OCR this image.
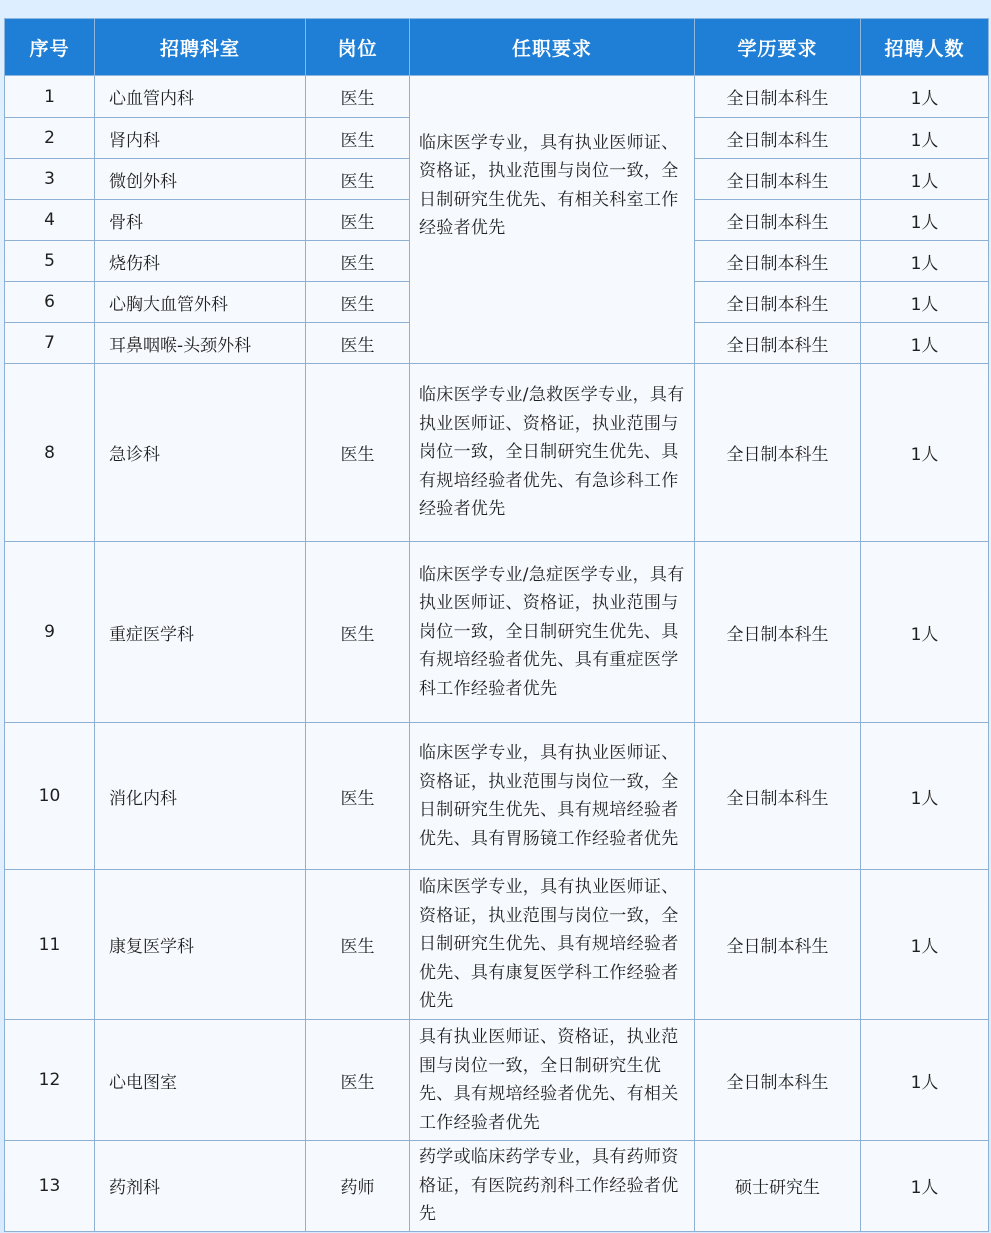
序号	招聘科室	岗位	任职要求	学历要求	招聘人数
1	心血管内科	医生	临床医学专业，具有执业医师证、资格证，执业范围与岗位一致，全日制研究生优先、有相关科室工作经验者优先	全日制本科生	1人
2	肾内科	医生		全日制本科生	1人
3	微创外科	医生		全日制本科生	1人
4	骨科	医生		全日制本科生	1人
5	烧伤科	医生		全日制本科生	1人
6	心胸大血管外科	医生		全日制本科生	1人
7	耳鼻咽喉-头颈外科	医生		全日制本科生	1人
8	急诊科	医生	临床医学专业/急救医学专业，具有执业医师证、资格证，执业范围与岗位一致，全日制研究生优先、具有规培经验者优先、有急诊科工作经验者优先	全日制本科生	1人
9	重症医学科	医生	临床医学专业/急症医学专业，具有执业医师证、资格证，执业范围与岗位一致，全日制研究生优先、具有规培经验者优先、具有重症医学科工作经验者优先	全日制本科生	1人
10	消化内科	医生	临床医学专业，具有执业医师证、资格证，执业范围与岗位一致，全日制研究生优先、具有规培经验者优先、具有胃肠镜工作经验者优先	全日制本科生	1人
11	康复医学科	医生	临床医学专业，具有执业医师证、资格证，执业范围与岗位一致，全日制研究生优先、具有规培经验者优先、具有康复医学科工作经验者优先	全日制本科生	1人
12	心电图室	医生	具有执业医师证、资格证，执业范围与岗位一致，全日制研究生优先、具有规培经验者优先、有相关工作经验者优先	全日制本科生	1人
13	药剂科	药师	药学或临床药学专业，具有药师资格证，有医院药剂科工作经验者优先	硕士研究生	1人
